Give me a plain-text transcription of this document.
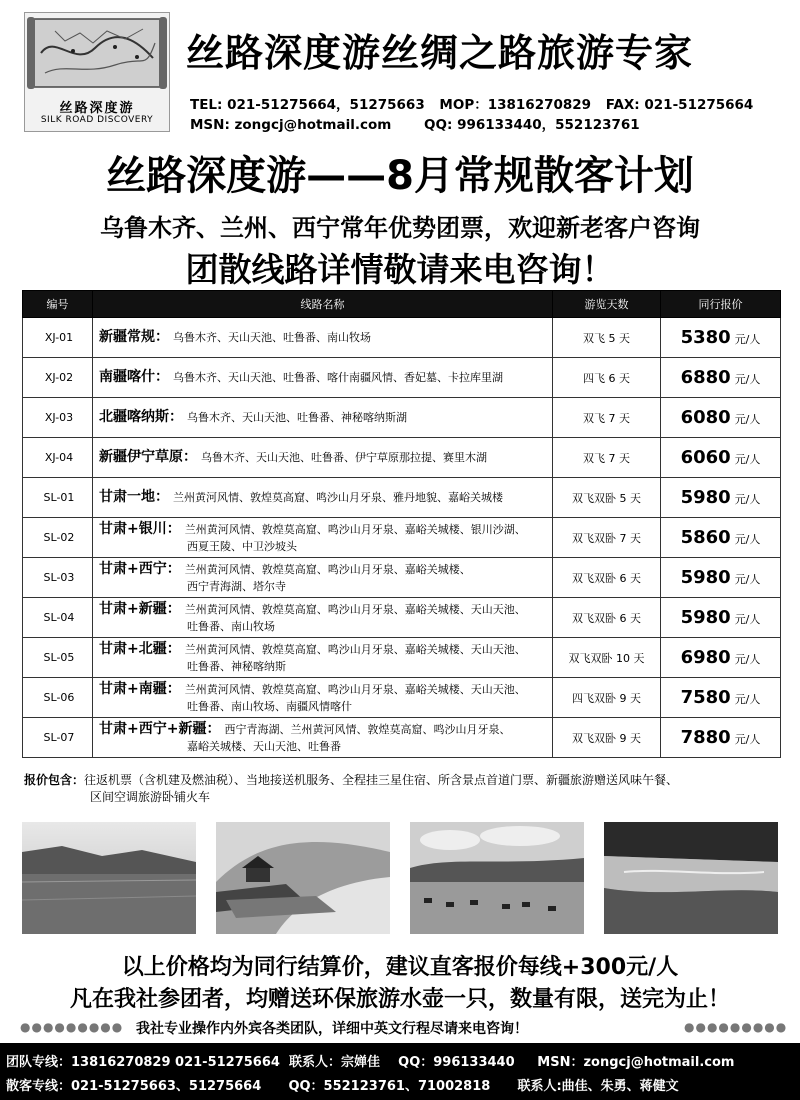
丝路深度游
SILK ROAD DISCOVERY
丝路深度游丝绸之路旅游专家
TEL: 021-51275664，51275663 MOP：13816270829 FAX: 021-51275664
MSN: zongcj@hotmail.com QQ: 996133440，552123761
丝路深度游——8月常规散客计划
乌鲁木齐、兰州、西宁常年优势团票，欢迎新老客户咨询
团散线路详情敬请来电咨询！
编号	线路名称	游览天数	同行报价
XJ-01	新疆常规： 乌鲁木齐、天山天池、吐鲁番、南山牧场	双飞 5 天	5380 元/人
XJ-02	南疆喀什： 乌鲁木齐、天山天池、吐鲁番、喀什南疆风情、香妃墓、卡拉库里湖	四飞 6 天	6880 元/人
XJ-03	北疆喀纳斯： 乌鲁木齐、天山天池、吐鲁番、神秘喀纳斯湖	双飞 7 天	6080 元/人
XJ-04	新疆伊宁草原： 乌鲁木齐、天山天池、吐鲁番、伊宁草原那拉提、赛里木湖	双飞 7 天	6060 元/人
SL-01	甘肃一地： 兰州黄河风情、敦煌莫高窟、鸣沙山月牙泉、雅丹地貌、嘉峪关城楼	双飞双卧 5 天	5980 元/人
SL-02	甘肃+银川： 兰州黄河风情、敦煌莫高窟、鸣沙山月牙泉、嘉峪关城楼、银川沙湖、
西夏王陵、中卫沙坡头	双飞双卧 7 天	5860 元/人
SL-03	甘肃+西宁： 兰州黄河风情、敦煌莫高窟、鸣沙山月牙泉、嘉峪关城楼、
西宁青海湖、塔尔寺	双飞双卧 6 天	5980 元/人
SL-04	甘肃+新疆： 兰州黄河风情、敦煌莫高窟、鸣沙山月牙泉、嘉峪关城楼、天山天池、
吐鲁番、南山牧场	双飞双卧 6 天	5980 元/人
SL-05	甘肃+北疆： 兰州黄河风情、敦煌莫高窟、鸣沙山月牙泉、嘉峪关城楼、天山天池、
吐鲁番、神秘喀纳斯	双飞双卧 10 天	6980 元/人
SL-06	甘肃+南疆： 兰州黄河风情、敦煌莫高窟、鸣沙山月牙泉、嘉峪关城楼、天山天池、
吐鲁番、南山牧场、南疆风情喀什	四飞双卧 9 天	7580 元/人
SL-07	甘肃+西宁+新疆： 西宁青海湖、兰州黄河风情、敦煌莫高窟、鸣沙山月牙泉、
嘉峪关城楼、天山天池、吐鲁番	双飞双卧 9 天	7880 元/人
报价包含：往返机票（含机建及燃油税）、当地接送机服务、全程挂三星住宿、所含景点首道门票、新疆旅游赠送风味午餐、
区间空调旅游卧铺火车
以上价格均为同行结算价，建议直客报价每线+300元/人
凡在我社参团者，均赠送环保旅游水壶一只，数量有限，送完为止！
●●●●●●●●● 我社专业操作内外宾各类团队，详细中英文行程尽请来电咨询！	●●●●●●●●●
团队专线：13816270829 021-51275664 联系人：宗婵佳 QQ：996133440 MSN：zongcj@hotmail.com
散客专线：021-51275663、51275664 QQ：552123761、71002818 联系人:曲佳、朱勇、蒋健文
